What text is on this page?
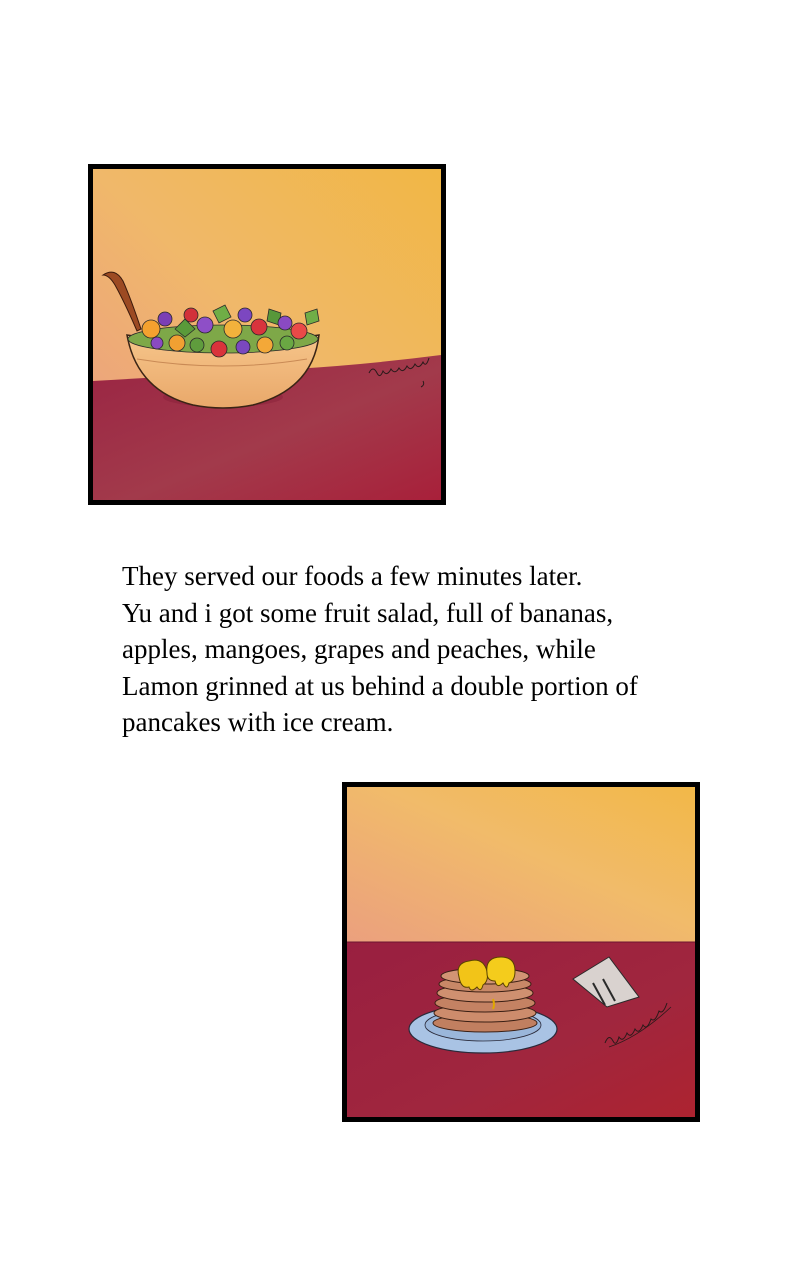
They served our foods a few minutes later.
Yu and i got some fruit salad, full of bananas,
apples, mangoes, grapes and peaches, while
Lamon grinned at us behind a double portion of
pancakes with ice cream.
